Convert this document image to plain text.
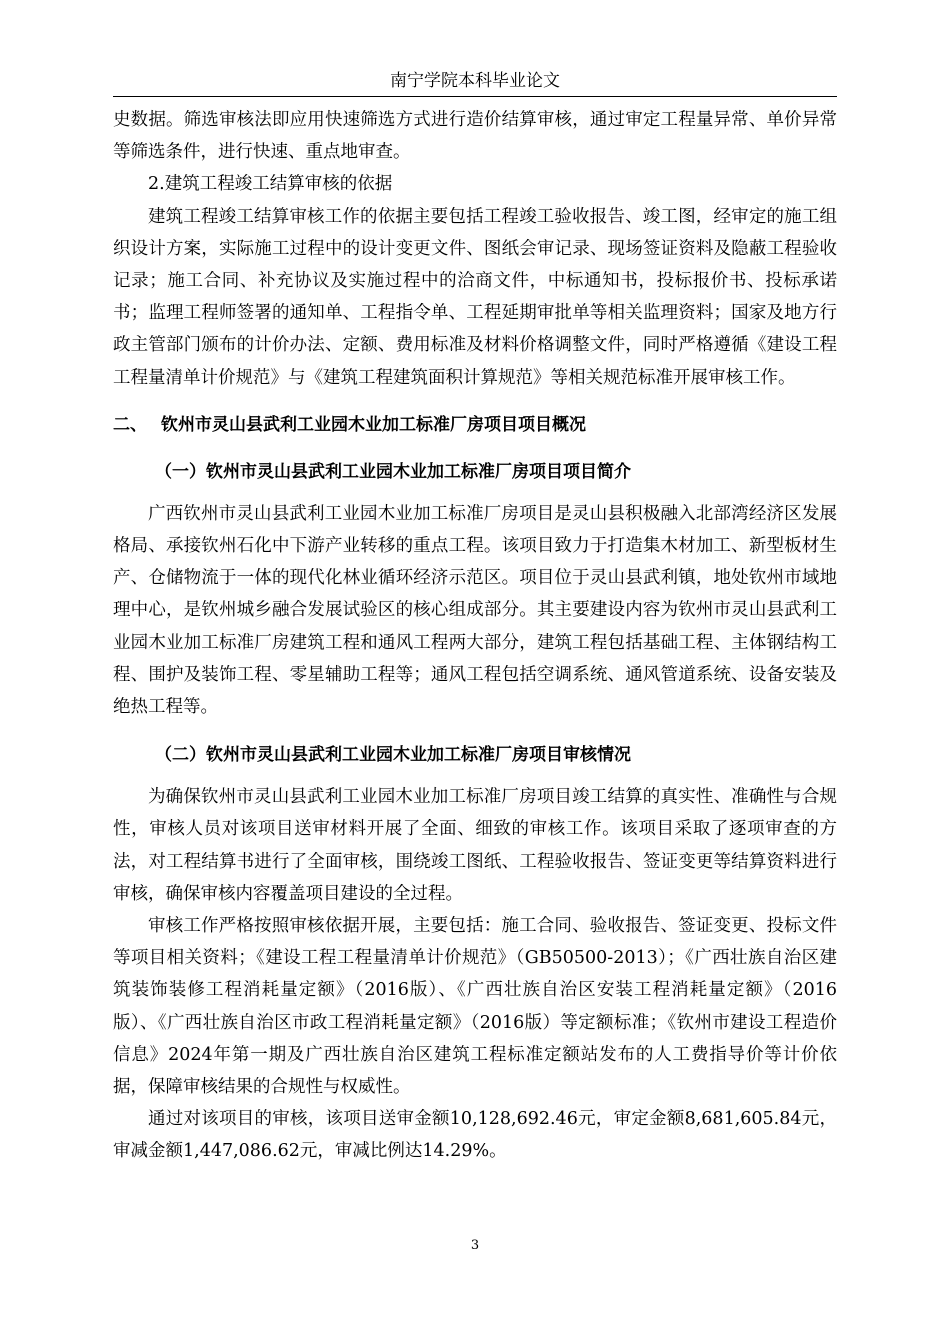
南宁学院本科毕业论文

史数据。筛选审核法即应用快速筛选方式进行造价结算审核，通过审定工程量异常、单价异常等筛选条件，进行快速、重点地审查。

2.建筑工程竣工结算审核的依据

建筑工程竣工结算审核工作的依据主要包括工程竣工验收报告、竣工图，经审定的施工组织设计方案，实际施工过程中的设计变更文件、图纸会审记录、现场签证资料及隐蔽工程验收记录；施工合同、补充协议及实施过程中的洽商文件，中标通知书，投标报价书、投标承诺书；监理工程师签署的通知单、工程指令单、工程延期审批单等相关监理资料；国家及地方行政主管部门颁布的计价办法、定额、费用标准及材料价格调整文件，同时严格遵循《建设工程工程量清单计价规范》与《建筑工程建筑面积计算规范》等相关规范标准开展审核工作。

二、 钦州市灵山县武利工业园木业加工标准厂房项目项目概况
（一）钦州市灵山县武利工业园木业加工标准厂房项目项目简介

广西钦州市灵山县武利工业园木业加工标准厂房项目是灵山县积极融入北部湾经济区发展格局、承接钦州石化中下游产业转移的重点工程。该项目致力于打造集木材加工、新型板材生产、仓储物流于一体的现代化林业循环经济示范区。项目位于灵山县武利镇，地处钦州市域地理中心，是钦州城乡融合发展试验区的核心组成部分。其主要建设内容为钦州市灵山县武利工业园木业加工标准厂房建筑工程和通风工程两大部分，建筑工程包括基础工程、主体钢结构工程、围护及装饰工程、零星辅助工程等；通风工程包括空调系统、通风管道系统、设备安装及绝热工程等。

（二）钦州市灵山县武利工业园木业加工标准厂房项目审核情况

为确保钦州市灵山县武利工业园木业加工标准厂房项目竣工结算的真实性、准确性与合规性，审核人员对该项目送审材料开展了全面、细致的审核工作。该项目采取了逐项审查的方法，对工程结算书进行了全面审核，围绕竣工图纸、工程验收报告、签证变更等结算资料进行审核，确保审核内容覆盖项目建设的全过程。

审核工作严格按照审核依据开展，主要包括：施工合同、验收报告、签证变更、投标文件等项目相关资料；《建设工程工程量清单计价规范》（GB50500-2013）；《广西壮族自治区建筑装饰装修工程消耗量定额》（2016版）、《广西壮族自治区安装工程消耗量定额》（2016版）、《广西壮族自治区市政工程消耗量定额》（2016版）等定额标准；《钦州市建设工程造价信息》2024年第一期及广西壮族自治区建筑工程标准定额站发布的人工费指导价等计价依据，保障审核结果的合规性与权威性。

通过对该项目的审核，该项目送审金额10,128,692.46元，审定金额8,681,605.84元，审减金额1,447,086.62元，审减比例达14.29%。

3
